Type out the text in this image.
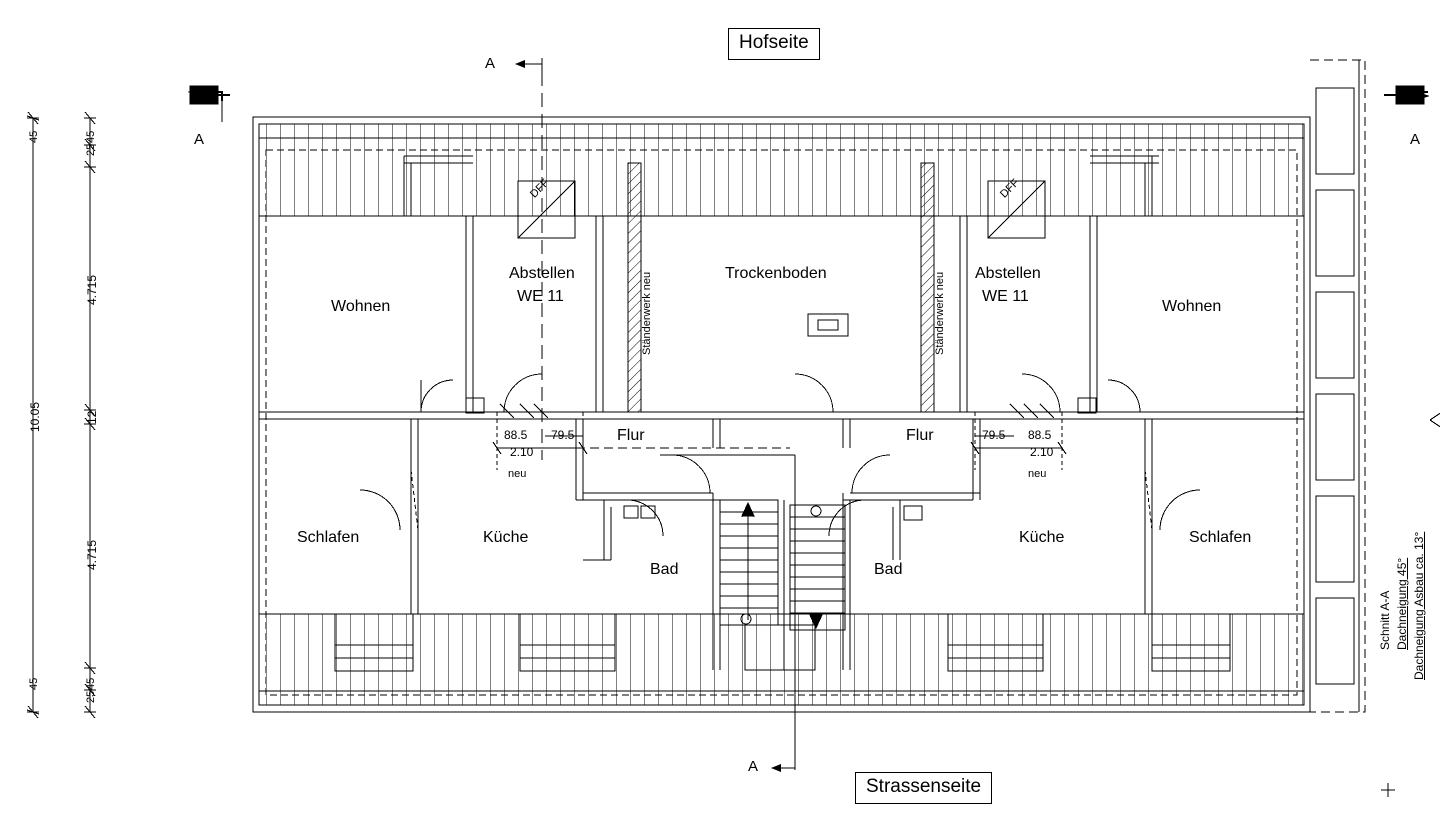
Hofseite
Strassenseite
Wohnen
Abstellen
WE 11
Trockenboden	Abstellen
WE 11
Wohnen
Schlafen	Küche
Flur
Bad	Bad
Flur
Küche	Schlafen
DFF	DFF
Ständerwerk neu	Ständerwerk neu
88.5 79.5
2.10
neu
79.5 88.5
2.10
neu
A
A	A
A
10.05
45
25
45
4.715
12
4.715
45	45
25
Schnitt A-A Dachneigung 45° Dachneigung Asbau ca. 13°
